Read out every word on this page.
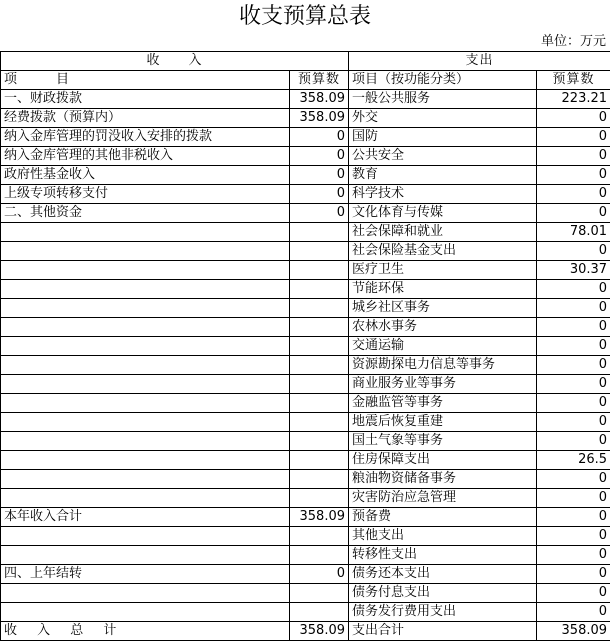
收支预算总表
单位：万元
收　　入		支出	
项　　　目	预算数	项目（按功能分类）	预算数
一、财政拨款	358.09	一般公共服务	223.21
经费拨款（预算内）	358.09	外交	0
纳入金库管理的罚没收入安排的拨款	0	国防	0
纳入金库管理的其他非税收入	0	公共安全	0
政府性基金收入	0	教育	0
上级专项转移支付	0	科学技术	0
二、其他资金	0	文化体育与传媒	0
		社会保障和就业	78.01
		社会保险基金支出	0
		医疗卫生	30.37
		节能环保	0
		城乡社区事务	0
		农林水事务	0
		交通运输	0
		资源勘探电力信息等事务	0
		商业服务业等事务	0
		金融监管等事务	0
		地震后恢复重建	0
		国土气象等事务	0
		住房保障支出	26.5
		粮油物资储备事务	0
		灾害防治应急管理	0
本年收入合计	358.09	预备费	0
		其他支出	0
		转移性支出	0
四、上年结转	0	债务还本支出	0
		债务付息支出	0
		债务发行费用支出	0
收 入 总 计	358.09	支出合计	358.09
